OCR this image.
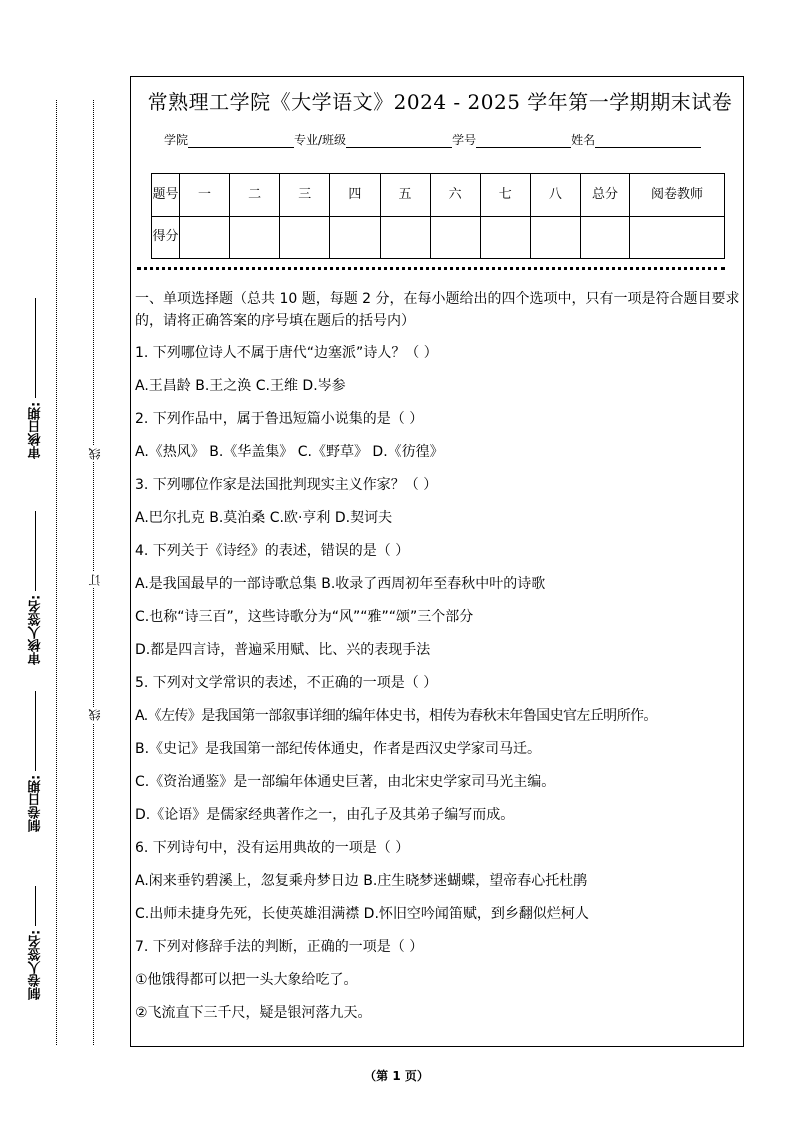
审核日期:
审核人签名:
制卷日期:
制卷人签名:
线
订
线
常熟理工学院《大学语文》2024 - 2025 学年第一学期期末试卷
学院	专业/班级	学号	姓名
题号	一	二	三	四	五	六	七	八	总分	阅卷教师
得分										
一、单项选择题（总共 10 题，每题 2 分，在每小题给出的四个选项中，只有一项是符合题目要求的，请将正确答案的序号填在题后的括号内）
1. 下列哪位诗人不属于唐代“边塞派”诗人？（ ）
A.王昌龄 B.王之涣 C.王维 D.岑参
2. 下列作品中，属于鲁迅短篇小说集的是（ ）
A.《热风》 B.《华盖集》 C.《野草》 D.《彷徨》
3. 下列哪位作家是法国批判现实主义作家？（ ）
A.巴尔扎克 B.莫泊桑 C.欧·亨利 D.契诃夫
4. 下列关于《诗经》的表述，错误的是（ ）
A.是我国最早的一部诗歌总集 B.收录了西周初年至春秋中叶的诗歌
C.也称“诗三百”，这些诗歌分为“风”“雅”“颂”三个部分
D.都是四言诗，普遍采用赋、比、兴的表现手法
5. 下列对文学常识的表述，不正确的一项是（ ）
A.《左传》是我国第一部叙事详细的编年体史书，相传为春秋末年鲁国史官左丘明所作。
B.《史记》是我国第一部纪传体通史，作者是西汉史学家司马迁。
C.《资治通鉴》是一部编年体通史巨著，由北宋史学家司马光主编。
D.《论语》是儒家经典著作之一，由孔子及其弟子编写而成。
6. 下列诗句中，没有运用典故的一项是（ ）
A.闲来垂钓碧溪上，忽复乘舟梦日边 B.庄生晓梦迷蝴蝶，望帝春心托杜鹃
C.出师未捷身先死，长使英雄泪满襟 D.怀旧空吟闻笛赋，到乡翻似烂柯人
7. 下列对修辞手法的判断，正确的一项是（ ）
①他饿得都可以把一头大象给吃了。
②飞流直下三千尺，疑是银河落九天。
（第 1 页）
